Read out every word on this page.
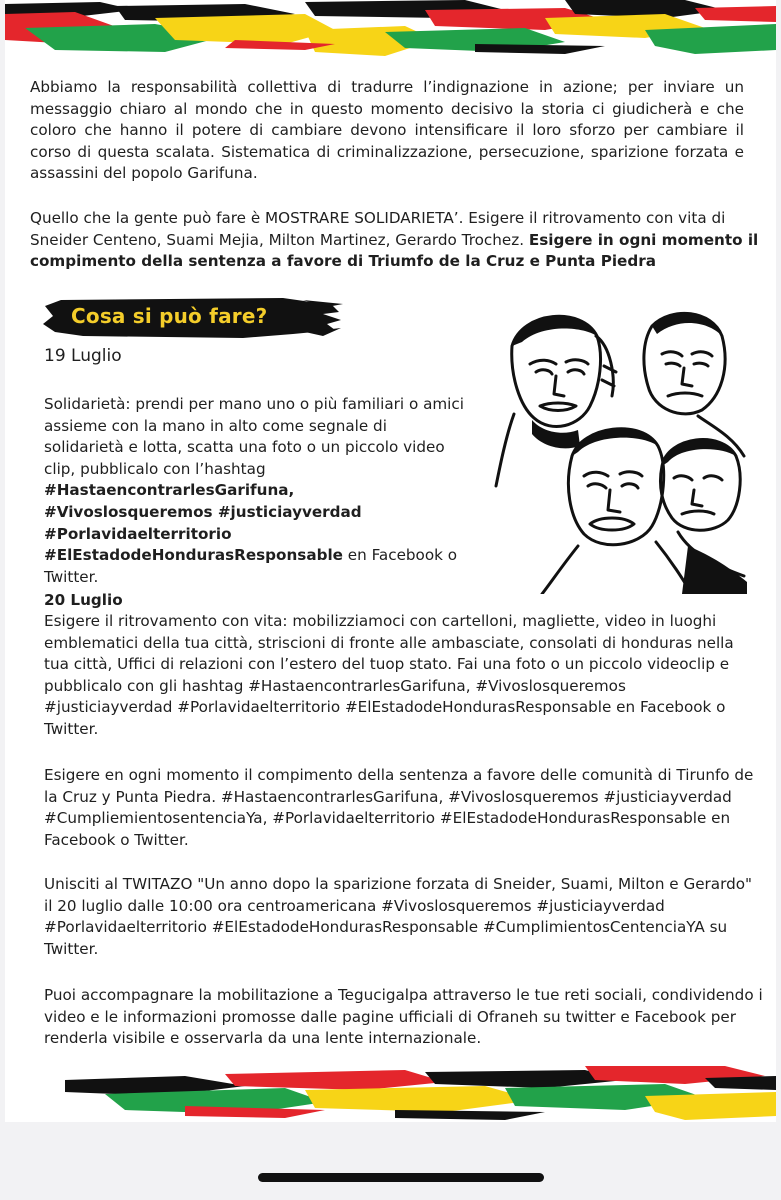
Abbiamo la responsabilità collettiva di tradurre l’indignazione in azione; per inviare un messaggio chiaro al mondo che in questo momento decisivo la storia ci giudicherà e che coloro che hanno il potere di cambiare devono intensificare il loro sforzo per cambiare il corso di questa scalata. Sistematica di criminalizzazione, persecuzione, sparizione forzata e assassini del popolo Garifuna.

Quello che la gente può fare è MOSTRARE SOLIDARIETA’. Esigere il ritrovamento con vita di Sneider Centeno, Suami Mejia, Milton Martinez, Gerardo Trochez. Esigere in ogni momento il compimento della sentenza a favore di Triumfo de la Cruz e Punta Piedra

Cosa si può fare?
19 Luglio

Solidarietà: prendi per mano uno o più familiari o amici assieme con la mano in alto come segnale di solidarietà e lotta, scatta una foto o un piccolo video clip, pubblicalo con l’hashtag #HastaencontrarlesGarifuna, #Vivoslosqueremos #justiciayverdad #Porlavidaelterritorio #ElEstadodeHondurasResponsable en Facebook o Twitter.

20 Luglio

Esigere il ritrovamento con vita: mobilizziamoci con cartelloni, magliette, video in luoghi emblematici della tua città, striscioni di fronte alle ambasciate, consolati di honduras nella tua città, Uffici di relazioni con l’estero del tuop stato. Fai una foto o un piccolo videoclip e pubblicalo con gli hashtag #HastaencontrarlesGarifuna, #Vivoslosqueremos #justiciayverdad #Porlavidaelterritorio #ElEstadodeHondurasResponsable en Facebook o Twitter.

Esigere en ogni momento il compimento della sentenza a favore delle comunità di Tirunfo de la Cruz y Punta Piedra. #HastaencontrarlesGarifuna, #Vivoslosqueremos #justiciayverdad #CumpliemientosentenciaYa, #Porlavidaelterritorio #ElEstadodeHondurasResponsable en Facebook o Twitter.

Unisciti al TWITAZO "Un anno dopo la sparizione forzata di Sneider, Suami, Milton e Gerardo" il 20 luglio dalle 10:00 ora centroamericana #Vivoslosqueremos #justiciayverdad #Porlavidaelterritorio #ElEstadodeHondurasResponsable #CumplimientosCentenciaYA su Twitter.

Puoi accompagnare la mobilitazione a Tegucigalpa attraverso le tue reti sociali, condividendo i video e le informazioni promosse dalle pagine ufficiali di Ofraneh su twitter e Facebook per renderla visibile e osservarla da una lente internazionale.
